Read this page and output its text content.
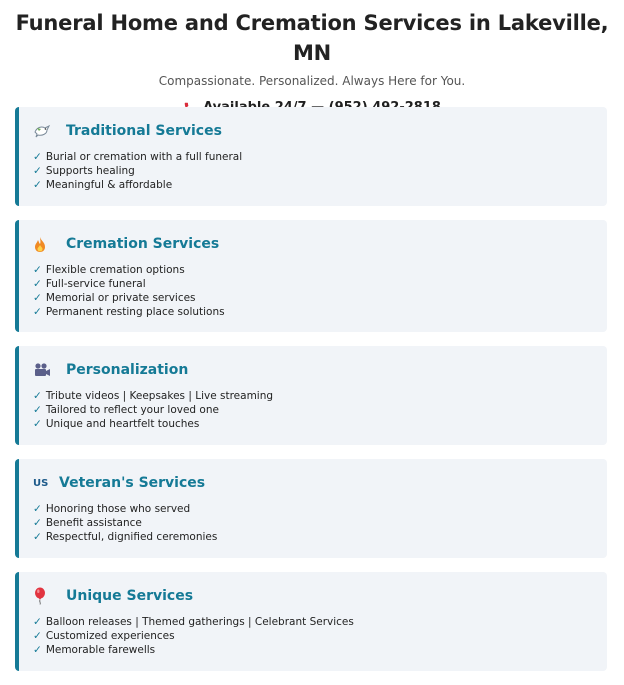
Funeral Home and Cremation Services in Lakeville, MN
Compassionate. Personalized. Always Here for You.
Traditional Services
✓ Burial or cremation with a full funeral
✓ Supports healing
✓ Meaningful & affordable
Cremation Services
✓ Flexible cremation options
✓ Full-service funeral
✓ Memorial or private services
✓ Permanent resting place solutions
Personalization
✓ Tribute videos | Keepsakes | Live streaming
✓ Tailored to reflect your loved one
✓ Unique and heartfelt touches
US Veteran's Services
✓ Honoring those who served
✓ Benefit assistance
✓ Respectful, dignified ceremonies
Unique Services
✓ Balloon releases | Themed gatherings | Celebrant Services
✓ Customized experiences
✓ Memorable farewells
